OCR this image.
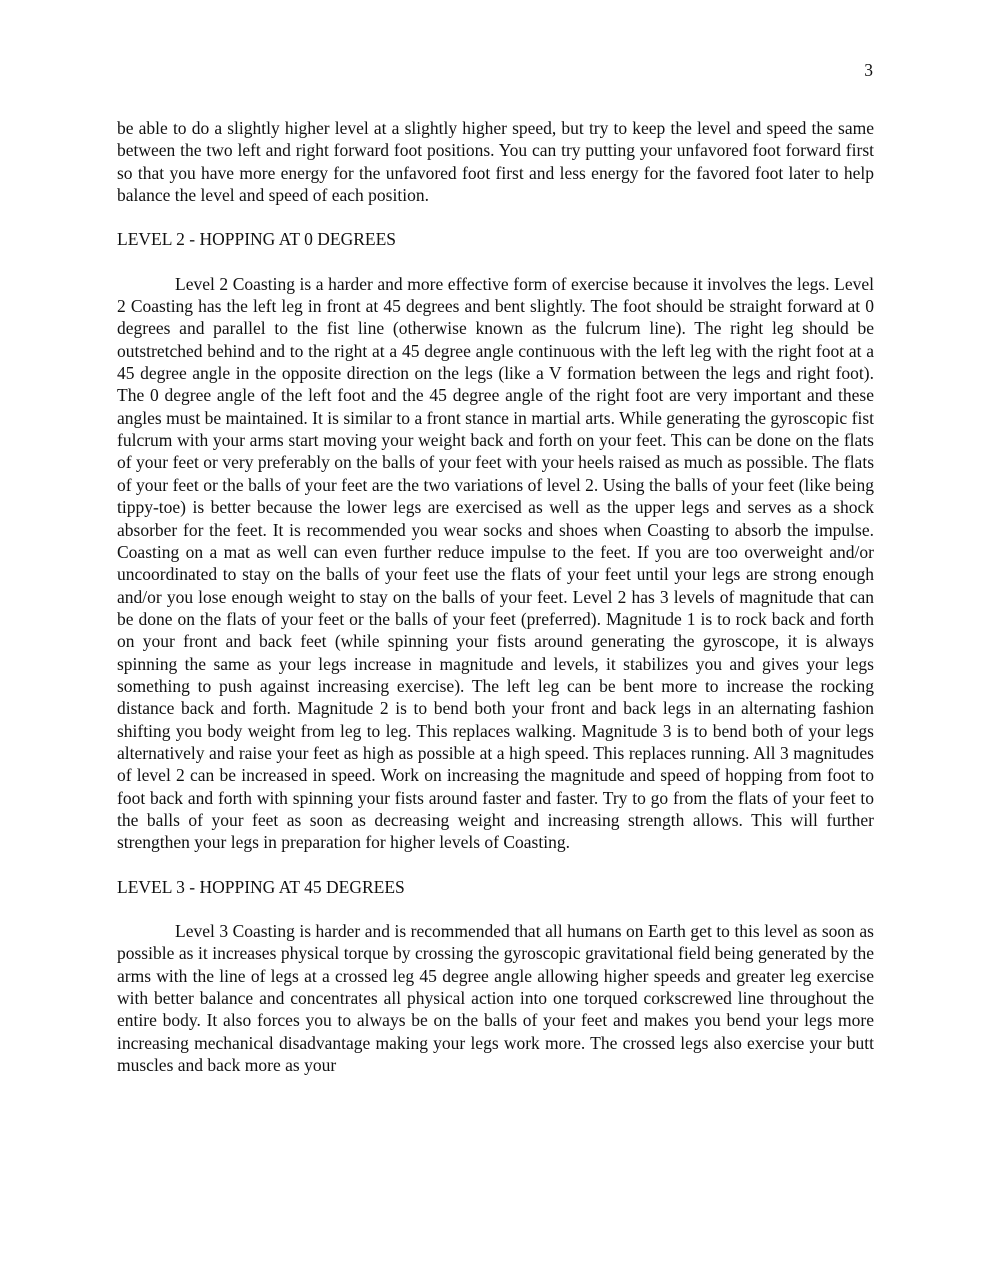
3

be able to do a slightly higher level at a slightly higher speed, but try to keep the level and speed the same between the two left and right forward foot positions. You can try putting your unfavored foot forward first so that you have more energy for the unfavored foot first and less energy for the favored foot later to help balance the level and speed of each position.

LEVEL 2 - HOPPING AT 0 DEGREES

Level 2 Coasting is a harder and more effective form of exercise because it involves the legs. Level 2 Coasting has the left leg in front at 45 degrees and bent slightly. The foot should be straight forward at 0 degrees and parallel to the fist line (otherwise known as the fulcrum line). The right leg should be outstretched behind and to the right at a 45 degree angle continuous with the left leg with the right foot at a 45 degree angle in the opposite direction on the legs (like a V formation between the legs and right foot). The 0 degree angle of the left foot and the 45 degree angle of the right foot are very important and these angles must be maintained. It is similar to a front stance in martial arts. While generating the gyroscopic fist fulcrum with your arms start moving your weight back and forth on your feet. This can be done on the flats of your feet or very preferably on the balls of your feet with your heels raised as much as possible. The flats of your feet or the balls of your feet are the two variations of level 2. Using the balls of your feet (like being tippy-toe) is better because the lower legs are exercised as well as the upper legs and serves as a shock absorber for the feet. It is recommended you wear socks and shoes when Coasting to absorb the impulse. Coasting on a mat as well can even further reduce impulse to the feet. If you are too overweight and/or uncoordinated to stay on the balls of your feet use the flats of your feet until your legs are strong enough and/or you lose enough weight to stay on the balls of your feet. Level 2 has 3 levels of magnitude that can be done on the flats of your feet or the balls of your feet (preferred). Magnitude 1 is to rock back and forth on your front and back feet (while spinning your fists around generating the gyroscope, it is always spinning the same as your legs increase in magnitude and levels, it stabilizes you and gives your legs something to push against increasing exercise). The left leg can be bent more to increase the rocking distance back and forth. Magnitude 2 is to bend both your front and back legs in an alternating fashion shifting you body weight from leg to leg. This replaces walking. Magnitude 3 is to bend both of your legs alternatively and raise your feet as high as possible at a high speed. This replaces running. All 3 magnitudes of level 2 can be increased in speed. Work on increasing the magnitude and speed of hopping from foot to foot back and forth with spinning your fists around faster and faster. Try to go from the flats of your feet to the balls of your feet as soon as decreasing weight and increasing strength allows. This will further strengthen your legs in preparation for higher levels of Coasting.

LEVEL 3 - HOPPING AT 45 DEGREES

Level 3 Coasting is harder and is recommended that all humans on Earth get to this level as soon as possible as it increases physical torque by crossing the gyroscopic gravitational field being generated by the arms with the line of legs at a crossed leg 45 degree angle allowing higher speeds and greater leg exercise with better balance and concentrates all physical action into one torqued corkscrewed line throughout the entire body. It also forces you to always be on the balls of your feet and makes you bend your legs more increasing mechanical disadvantage making your legs work more. The crossed legs also exercise your butt muscles and back more as your
